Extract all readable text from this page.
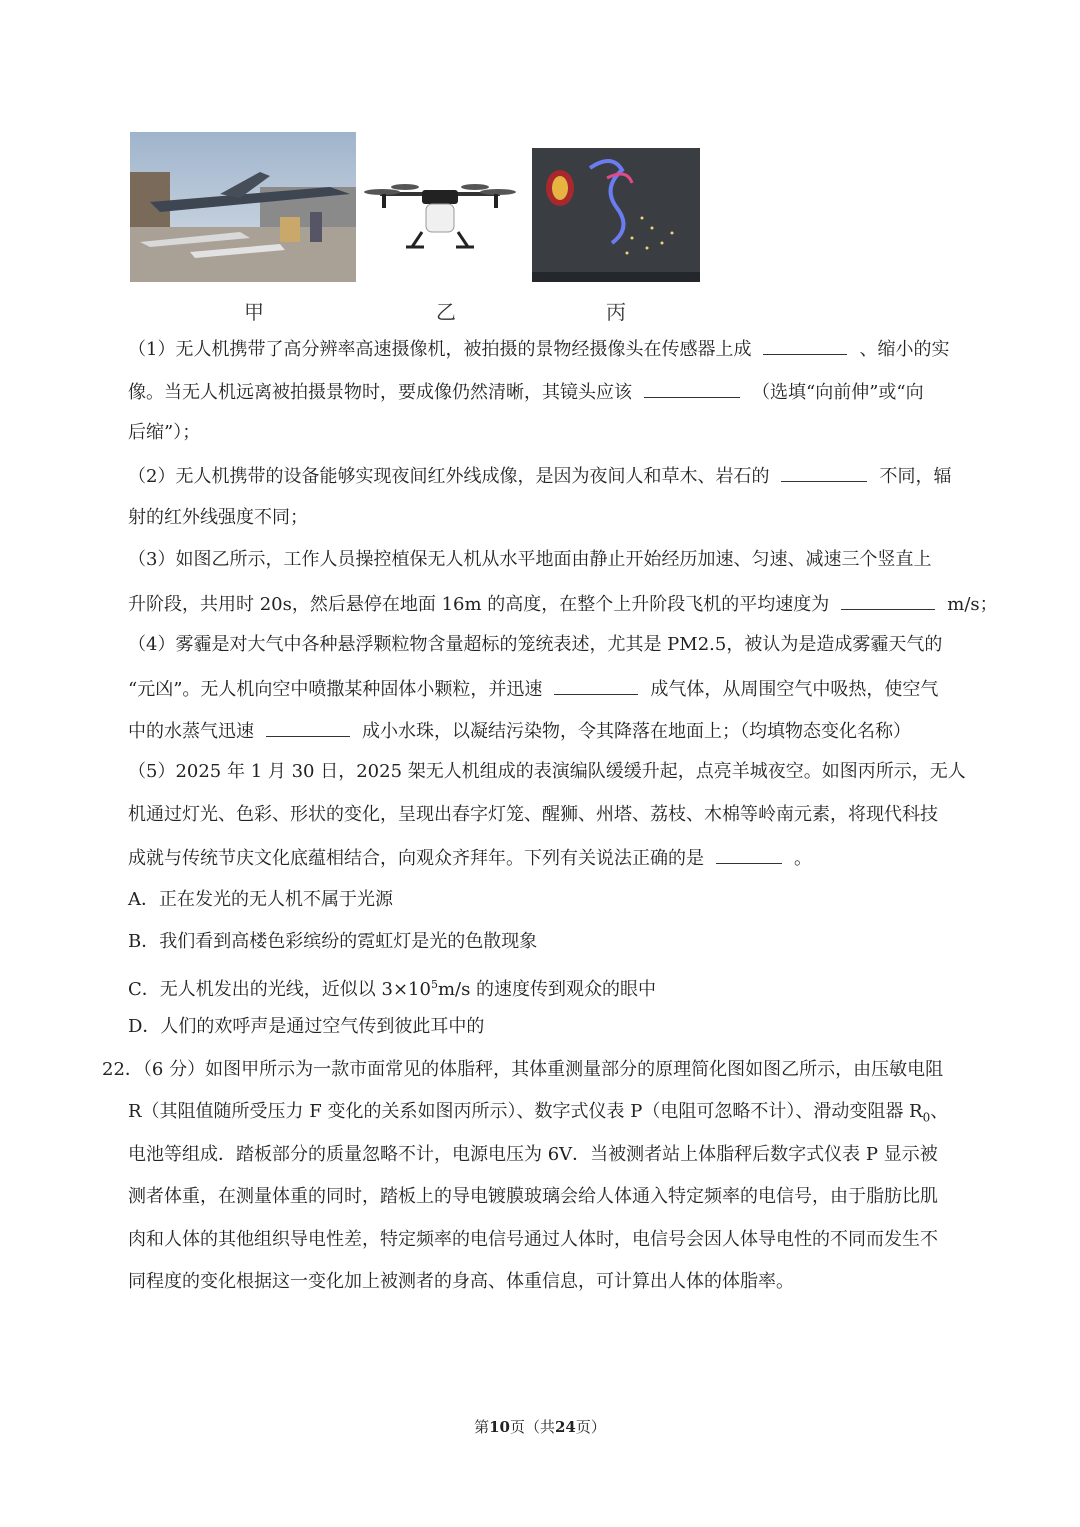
甲	乙	丙
（1）无人机携带了高分辨率高速摄像机，被拍摄的景物经摄像头在传感器上成	、缩小的实
像。当无人机远离被拍摄景物时，要成像仍然清晰，其镜头应该	（选填“向前伸”或“向
后缩”）；
（2）无人机携带的设备能够实现夜间红外线成像，是因为夜间人和草木、岩石的	不同，辐
射的红外线强度不同；
（3）如图乙所示，工作人员操控植保无人机从水平地面由静止开始经历加速、匀速、减速三个竖直上
升阶段，共用时 20s，然后悬停在地面 16m 的高度，在整个上升阶段飞机的平均速度为	m/s；
（4）雾霾是对大气中各种悬浮颗粒物含量超标的笼统表述，尤其是 PM2.5，被认为是造成雾霾天气的
“元凶”。无人机向空中喷撒某种固体小颗粒，并迅速	成气体，从周围空气中吸热，使空气
中的水蒸气迅速	成小水珠，以凝结污染物，令其降落在地面上；（均填物态变化名称）
（5）2025 年 1 月 30 日，2025 架无人机组成的表演编队缓缓升起，点亮羊城夜空。如图丙所示，无人
机通过灯光、色彩、形状的变化，呈现出春字灯笼、醒狮、州塔、荔枝、木棉等岭南元素，将现代科技
成就与传统节庆文化底蕴相结合，向观众齐拜年。下列有关说法正确的是	。
A．正在发光的无人机不属于光源
B．我们看到高楼色彩缤纷的霓虹灯是光的色散现象
C．无人机发出的光线，近似以 $3\times 10^5m/s$ 的速度传到观众的眼中
D．人们的欢呼声是通过空气传到彼此耳中的
22．（6 分）如图甲所示为一款市面常见的体脂秤，其体重测量部分的原理简化图如图乙所示，由压敏电阻
R（其阻值随所受压力 F 变化的关系如图丙所示）、数字式仪表 P（电阻可忽略不计）、滑动变阻器 $R_0$、
电池等组成．踏板部分的质量忽略不计，电源电压为 6V．当被测者站上体脂秤后数字式仪表 P 显示被
测者体重，在测量体重的同时，踏板上的导电镀膜玻璃会给人体通入特定频率的电信号，由于脂肪比肌
肉和人体的其他组织导电性差，特定频率的电信号通过人体时，电信号会因人体导电性的不同而发生不
同程度的变化根据这一变化加上被测者的身高、体重信息，可计算出人体的体脂率。
第10页（共24页）
